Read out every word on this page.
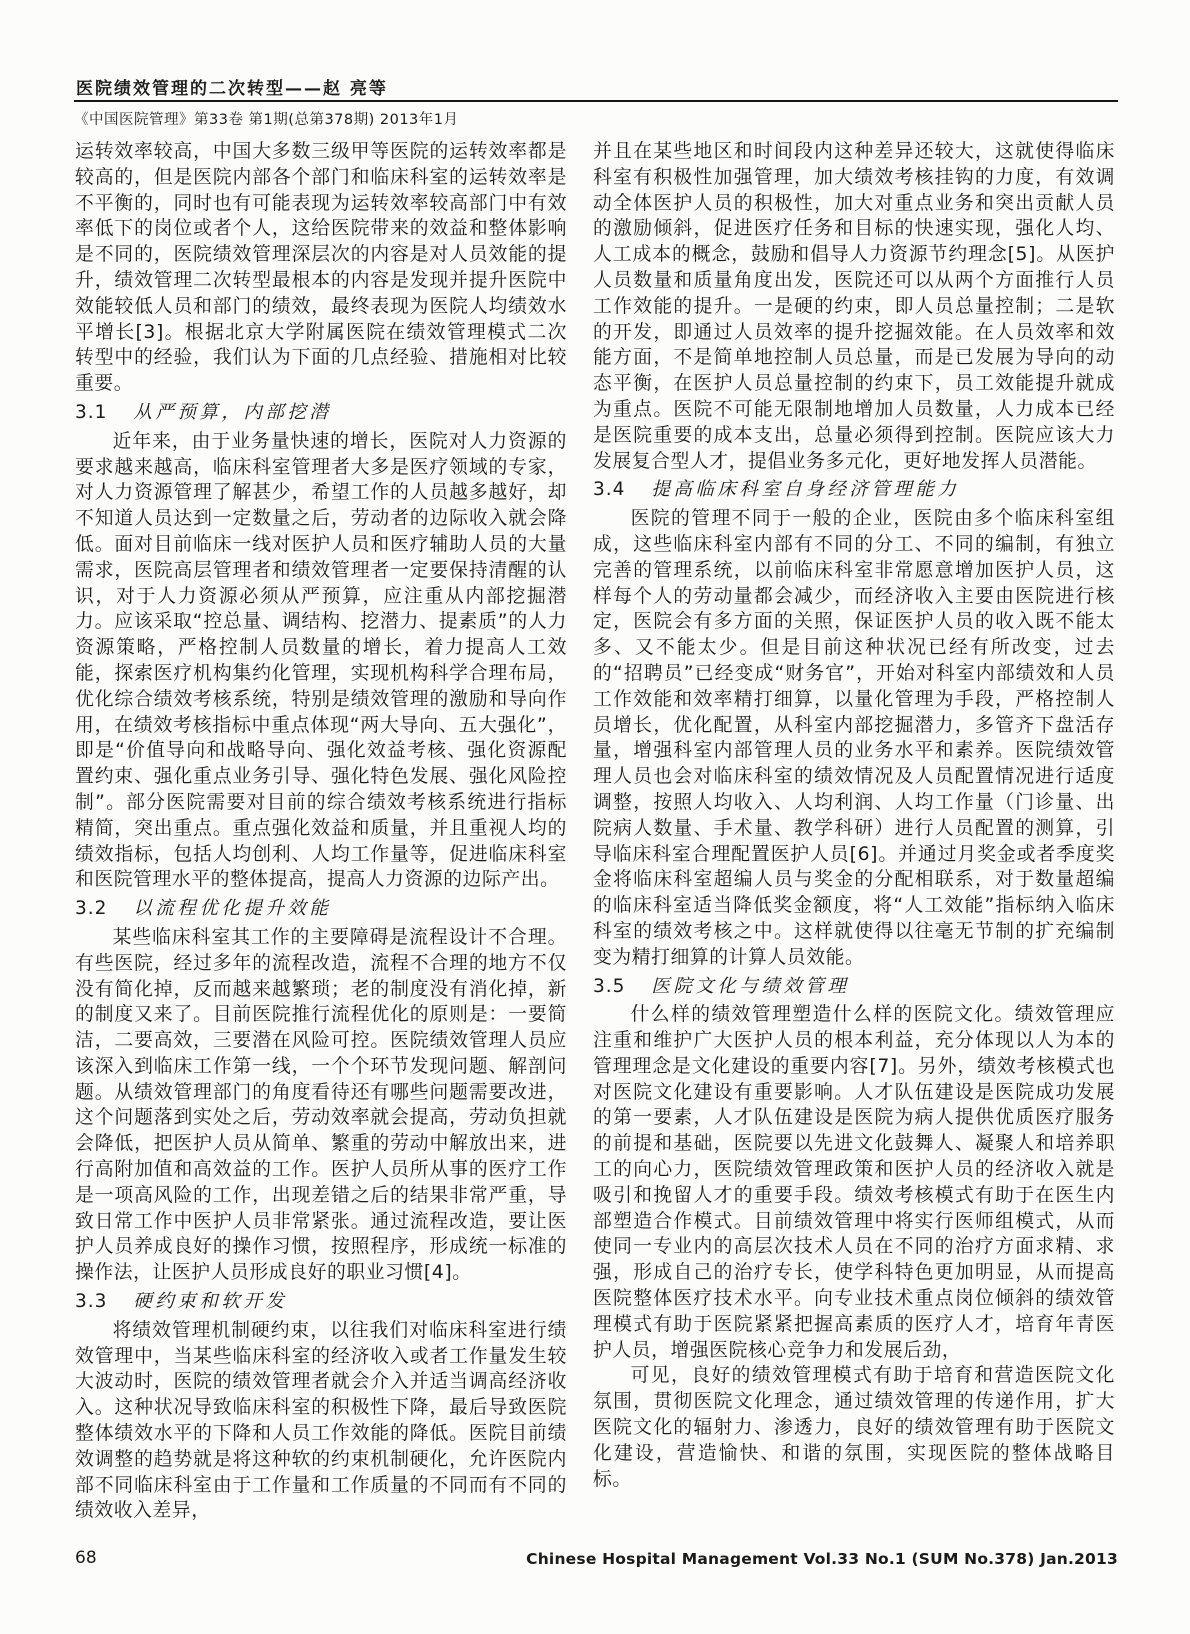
医院绩效管理的二次转型——赵 亮等
《中国医院管理》第33卷 第1期(总第378期) 2013年1月

运转效率较高，中国大多数三级甲等医院的运转效率都是较高的，但是医院内部各个部门和临床科室的运转效率是不平衡的，同时也有可能表现为运转效率较高部门中有效率低下的岗位或者个人，这给医院带来的效益和整体影响是不同的，医院绩效管理深层次的内容是对人员效能的提升，绩效管理二次转型最根本的内容是发现并提升医院中效能较低人员和部门的绩效，最终表现为医院人均绩效水平增长[3]。根据北京大学附属医院在绩效管理模式二次转型中的经验，我们认为下面的几点经验、措施相对比较重要。

3.1 从严预算，内部挖潜

近年来，由于业务量快速的增长，医院对人力资源的要求越来越高，临床科室管理者大多是医疗领域的专家，对人力资源管理了解甚少，希望工作的人员越多越好，却不知道人员达到一定数量之后，劳动者的边际收入就会降低。面对目前临床一线对医护人员和医疗辅助人员的大量需求，医院高层管理者和绩效管理者一定要保持清醒的认识，对于人力资源必须从严预算，应注重从内部挖掘潜力。应该采取“控总量、调结构、挖潜力、提素质”的人力资源策略，严格控制人员数量的增长，着力提高人工效能，探索医疗机构集约化管理，实现机构科学合理布局，优化综合绩效考核系统，特别是绩效管理的激励和导向作用，在绩效考核指标中重点体现“两大导向、五大强化”，即是“价值导向和战略导向、强化效益考核、强化资源配置约束、强化重点业务引导、强化特色发展、强化风险控制”。部分医院需要对目前的综合绩效考核系统进行指标精简，突出重点。重点强化效益和质量，并且重视人均的绩效指标，包括人均创利、人均工作量等，促进临床科室和医院管理水平的整体提高，提高人力资源的边际产出。

3.2 以流程优化提升效能

某些临床科室其工作的主要障碍是流程设计不合理。有些医院，经过多年的流程改造，流程不合理的地方不仅没有简化掉，反而越来越繁琐；老的制度没有消化掉，新的制度又来了。目前医院推行流程优化的原则是：一要简洁，二要高效，三要潜在风险可控。医院绩效管理人员应该深入到临床工作第一线，一个个环节发现问题、解剖问题。从绩效管理部门的角度看待还有哪些问题需要改进，这个问题落到实处之后，劳动效率就会提高，劳动负担就会降低，把医护人员从简单、繁重的劳动中解放出来，进行高附加值和高效益的工作。医护人员所从事的医疗工作是一项高风险的工作，出现差错之后的结果非常严重，导致日常工作中医护人员非常紧张。通过流程改造，要让医护人员养成良好的操作习惯，按照程序，形成统一标准的操作法，让医护人员形成良好的职业习惯[4]。

3.3 硬约束和软开发

将绩效管理机制硬约束，以往我们对临床科室进行绩效管理中，当某些临床科室的经济收入或者工作量发生较大波动时，医院的绩效管理者就会介入并适当调高经济收入。这种状况导致临床科室的积极性下降，最后导致医院整体绩效水平的下降和人员工作效能的降低。医院目前绩效调整的趋势就是将这种软的约束机制硬化，允许医院内部不同临床科室由于工作量和工作质量的不同而有不同的绩效收入差异，

并且在某些地区和时间段内这种差异还较大，这就使得临床科室有积极性加强管理，加大绩效考核挂钩的力度，有效调动全体医护人员的积极性，加大对重点业务和突出贡献人员的激励倾斜，促进医疗任务和目标的快速实现，强化人均、人工成本的概念，鼓励和倡导人力资源节约理念[5]。从医护人员数量和质量角度出发，医院还可以从两个方面推行人员工作效能的提升。一是硬的约束，即人员总量控制；二是软的开发，即通过人员效率的提升挖掘效能。在人员效率和效能方面，不是简单地控制人员总量，而是已发展为导向的动态平衡，在医护人员总量控制的约束下，员工效能提升就成为重点。医院不可能无限制地增加人员数量，人力成本已经是医院重要的成本支出，总量必须得到控制。医院应该大力发展复合型人才，提倡业务多元化，更好地发挥人员潜能。

3.4 提高临床科室自身经济管理能力

医院的管理不同于一般的企业，医院由多个临床科室组成，这些临床科室内部有不同的分工、不同的编制，有独立完善的管理系统，以前临床科室非常愿意增加医护人员，这样每个人的劳动量都会减少，而经济收入主要由医院进行核定，医院会有多方面的关照，保证医护人员的收入既不能太多、又不能太少。但是目前这种状况已经有所改变，过去的“招聘员”已经变成“财务官”，开始对科室内部绩效和人员工作效能和效率精打细算，以量化管理为手段，严格控制人员增长，优化配置，从科室内部挖掘潜力，多管齐下盘活存量，增强科室内部管理人员的业务水平和素养。医院绩效管理人员也会对临床科室的绩效情况及人员配置情况进行适度调整，按照人均收入、人均利润、人均工作量（门诊量、出院病人数量、手术量、教学科研）进行人员配置的测算，引导临床科室合理配置医护人员[6]。并通过月奖金或者季度奖金将临床科室超编人员与奖金的分配相联系，对于数量超编的临床科室适当降低奖金额度，将“人工效能”指标纳入临床科室的绩效考核之中。这样就使得以往毫无节制的扩充编制变为精打细算的计算人员效能。

3.5 医院文化与绩效管理

什么样的绩效管理塑造什么样的医院文化。绩效管理应注重和维护广大医护人员的根本利益，充分体现以人为本的管理理念是文化建设的重要内容[7]。另外，绩效考核模式也对医院文化建设有重要影响。人才队伍建设是医院成功发展的第一要素，人才队伍建设是医院为病人提供优质医疗服务的前提和基础，医院要以先进文化鼓舞人、凝聚人和培养职工的向心力，医院绩效管理政策和医护人员的经济收入就是吸引和挽留人才的重要手段。绩效考核模式有助于在医生内部塑造合作模式。目前绩效管理中将实行医师组模式，从而使同一专业内的高层次技术人员在不同的治疗方面求精、求强，形成自己的治疗专长，使学科特色更加明显，从而提高医院整体医疗技术水平。向专业技术重点岗位倾斜的绩效管理模式有助于医院紧紧把握高素质的医疗人才，培育年青医护人员，增强医院核心竞争力和发展后劲，

可见，良好的绩效管理模式有助于培育和营造医院文化氛围，贯彻医院文化理念，通过绩效管理的传递作用，扩大医院文化的辐射力、渗透力，良好的绩效管理有助于医院文化建设，营造愉快、和谐的氛围，实现医院的整体战略目标。

68	Chinese Hospital Management Vol.33 No.1 (SUM No.378) Jan.2013
